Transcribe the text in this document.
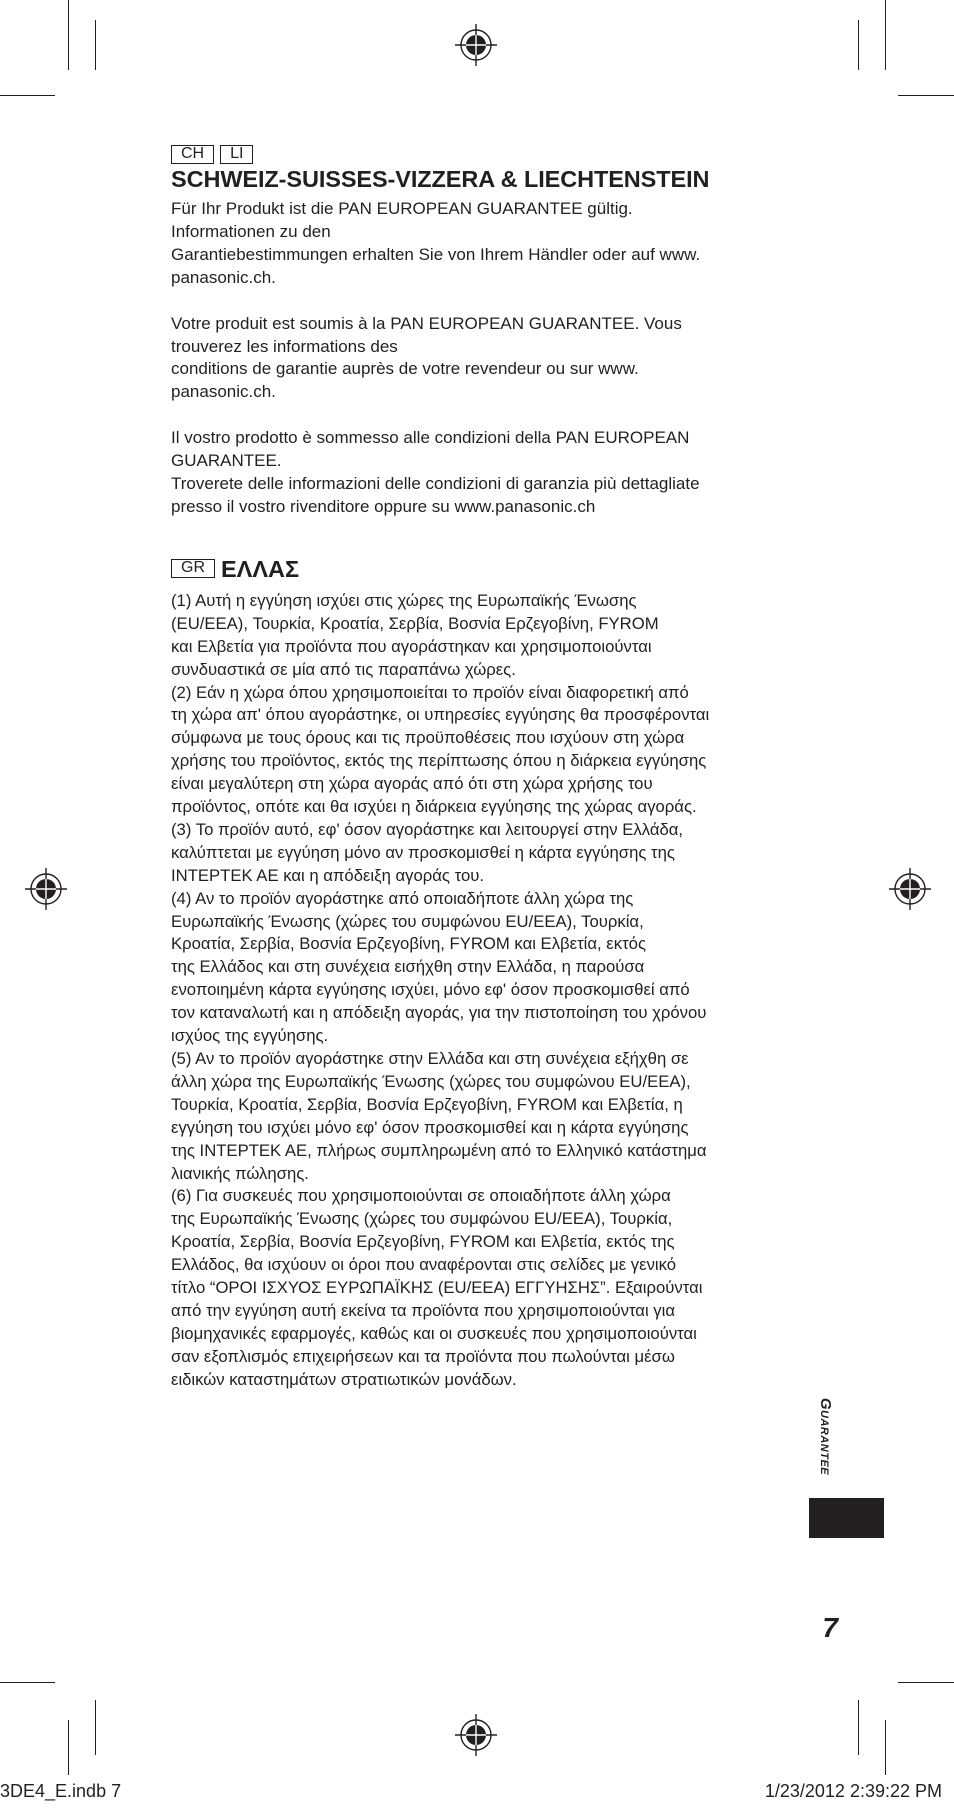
CH	LI
SCHWEIZ-SUISSES-VIZZERA & LIECHTENSTEIN

Für Ihr Produkt ist die PAN EUROPEAN GUARANTEE gültig.

Informationen zu den

Garantiebestimmungen erhalten Sie von Ihrem Händler oder auf www.

panasonic.ch.

Votre produit est soumis à la PAN EUROPEAN GUARANTEE. Vous

trouverez les informations des

conditions de garantie auprès de votre revendeur ou sur www.

panasonic.ch.

Il vostro prodotto è sommesso alle condizioni della PAN EUROPEAN

GUARANTEE.

Troverete delle informazioni delle condizioni di garanzia più dettagliate

presso il vostro rivenditore oppure su www.panasonic.ch

GR ΕΛΛΑΣ

(1) Αυτή η εγγύηση ισχύει στις χώρες της Ευρωπαϊκής Ένωσης

(EU/EEA), Τουρκία, Κροατία, Σερβία, Βοσνία Ερζεγοβίνη, FYROM

και Ελβετία για προϊόντα που αγοράστηκαν και χρησιμοποιούνται

συνδυαστικά σε μία από τις παραπάνω χώρες.

(2) Εάν η χώρα όπου χρησιμοποιείται το προϊόν είναι διαφορετική από

τη χώρα απ' όπου αγοράστηκε, οι υπηρεσίες εγγύησης θα προσφέρονται

σύμφωνα με τους όρους και τις προϋποθέσεις που ισχύουν στη χώρα

χρήσης του προϊόντος, εκτός της περίπτωσης όπου η διάρκεια εγγύησης

είναι μεγαλύτερη στη χώρα αγοράς από ότι στη χώρα χρήσης του

προϊόντος, οπότε και θα ισχύει η διάρκεια εγγύησης της χώρας αγοράς.

(3) Το προϊόν αυτό, εφ' όσον αγοράστηκε και λειτουργεί στην Ελλάδα,

καλύπτεται με εγγύηση μόνο αν προσκομισθεί η κάρτα εγγύησης της

ΙΝΤΕΡΤΕΚ ΑΕ και η απόδειξη αγοράς του.

(4) Αν το προϊόν αγοράστηκε από οποιαδήποτε άλλη χώρα της

Ευρωπαϊκής Ένωσης (χώρες του συμφώνου EU/EEA), Τουρκία,

Κροατία, Σερβία, Βοσνία Ερζεγοβίνη, FYROM και Ελβετία, εκτός

της Ελλάδος και στη συνέχεια εισήχθη στην Ελλάδα, η παρούσα

ενοποιημένη κάρτα εγγύησης ισχύει, μόνο εφ' όσον προσκομισθεί από

τον καταναλωτή και η απόδειξη αγοράς, για την πιστοποίηση του χρόνου

ισχύος της εγγύησης.

(5) Αν το προϊόν αγοράστηκε στην Ελλάδα και στη συνέχεια εξήχθη σε

άλλη χώρα της Ευρωπαϊκής Ένωσης (χώρες του συμφώνου EU/EEA),

Τουρκία, Κροατία, Σερβία, Βοσνία Ερζεγοβίνη, FYROM και Ελβετία, η

εγγύηση του ισχύει μόνο εφ' όσον προσκομισθεί και η κάρτα εγγύησης

της ΙΝΤΕΡΤΕΚ ΑΕ, πλήρως συμπληρωμένη από το Ελληνικό κατάστημα

λιανικής πώλησης.

(6) Για συσκευές που χρησιμοποιούνται σε οποιαδήποτε άλλη χώρα

της Ευρωπαϊκής Ένωσης (χώρες του συμφώνου EU/EEA), Τουρκία,

Κροατία, Σερβία, Βοσνία Ερζεγοβίνη, FYROM και Ελβετία, εκτός της

Ελλάδος, θα ισχύουν οι όροι που αναφέρονται στις σελίδες με γενικό

τίτλο “ΟΡΟΙ ΙΣΧΥΟΣ ΕΥΡΩΠΑΪΚΗΣ (EU/EEA) ΕΓΓΥΗΣΗΣ”. Εξαιρούνται

από την εγγύηση αυτή εκείνα τα προϊόντα που χρησιμοποιούνται για

βιομηχανικές εφαρμογές, καθώς και οι συσκευές που χρησιμοποιούνται

σαν εξοπλισμός επιχειρήσεων και τα προϊόντα που πωλούνται μέσω

ειδικών καταστημάτων στρατιωτικών μονάδων.

Guarantee
7
3DE4_E.indb 7	1/23/2012 2:39:22 PM
